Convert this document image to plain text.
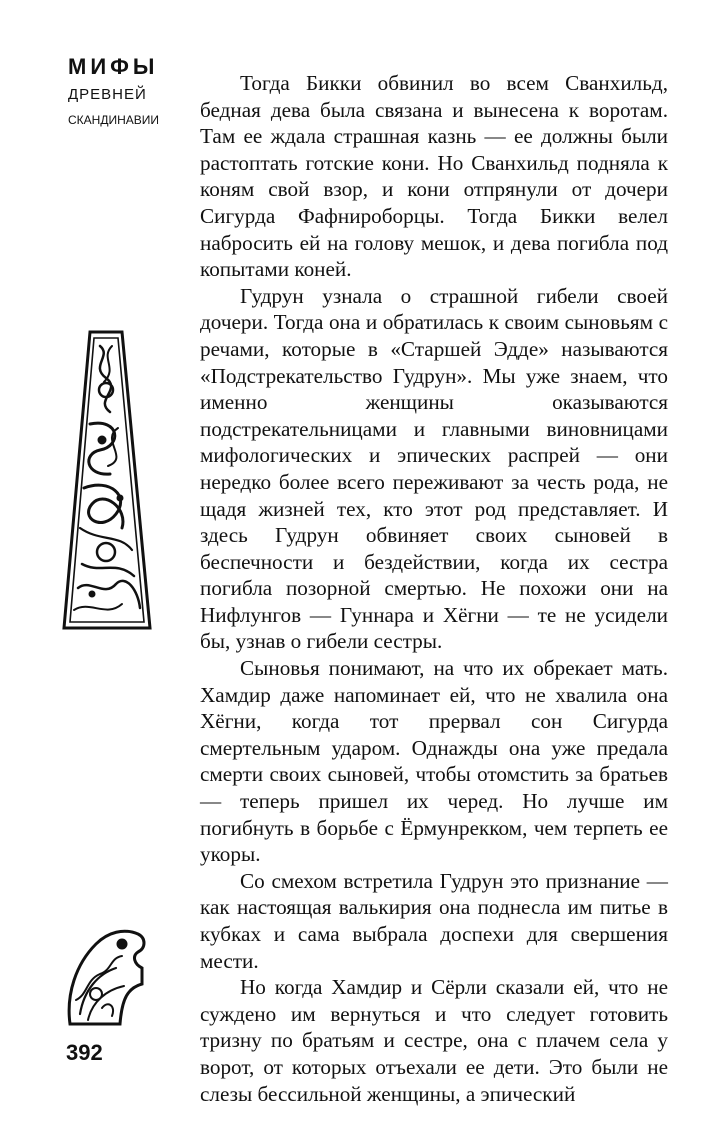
МИФЫ
ДРЕВНЕЙ
СКАНДИНАВИИ
392

Тогда Бикки обвинил во всем Сванхильд, бедная дева была связана и вынесена к воротам. Там ее ждала страшная казнь — ее должны были растоптать готские кони. Но Сванхильд подняла к коням свой взор, и кони отпрянули от дочери Сигурда Фафнироборцы. Тогда Бикки велел набросить ей на голову мешок, и дева погибла под копытами коней.

Гудрун узнала о страшной гибели своей дочери. Тогда она и обратилась к своим сыновьям с речами, которые в «Старшей Эдде» называются «Подстрекательство Гудрун». Мы уже знаем, что именно женщины оказываются подстрекательницами и главными виновницами мифологических и эпических распрей — они нередко более всего переживают за честь рода, не щадя жизней тех, кто этот род представляет. И здесь Гудрун обвиняет своих сыновей в беспечности и бездействии, когда их сестра погибла позорной смертью. Не похожи они на Нифлунгов — Гуннара и Хёгни — те не усидели бы, узнав о гибели сестры.

Сыновья понимают, на что их обрекает мать. Хамдир даже напоминает ей, что не хвалила она Хёгни, когда тот прервал сон Сигурда смертельным ударом. Однажды она уже предала смерти своих сыновей, чтобы отомстить за братьев — теперь пришел их черед. Но лучше им погибнуть в борьбе с Ёрмунрекком, чем терпеть ее укоры.

Со смехом встретила Гудрун это признание — как настоящая валькирия она поднесла им питье в кубках и сама выбрала доспехи для свершения мести.

Но когда Хамдир и Сёрли сказали ей, что не суждено им вернуться и что следует готовить тризну по братьям и сестре, она с плачем села у ворот, от которых отъехали ее дети. Это были не слезы бессильной женщины, а эпический
